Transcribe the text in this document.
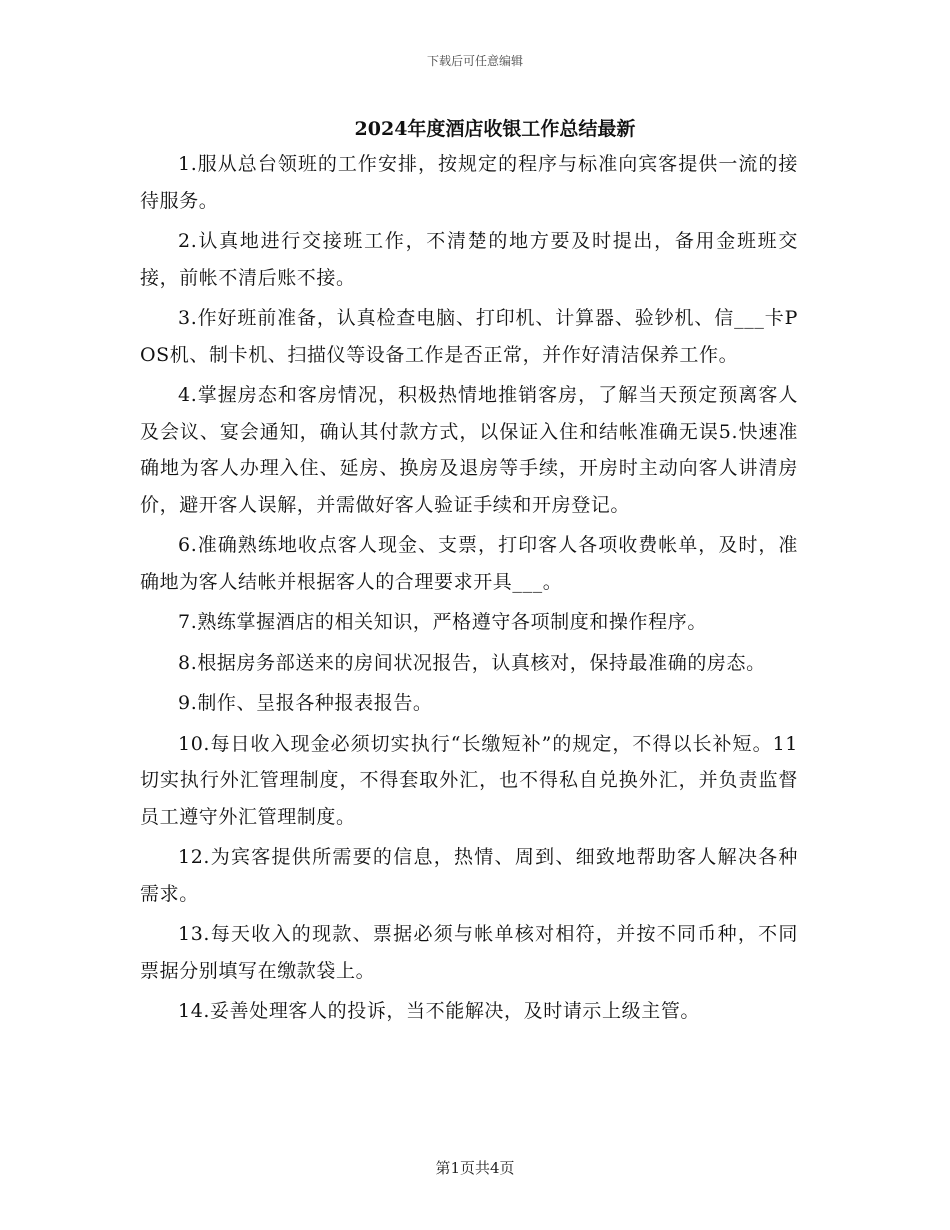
下载后可任意编辑
2024年度酒店收银工作总结最新

1.服从总台领班的工作安排，按规定的程序与标准向宾客提供一流的接待服务。

2.认真地进行交接班工作，不清楚的地方要及时提出，备用金班班交接，前帐不清后账不接。

3.作好班前准备，认真检查电脑、打印机、计算器、验钞机、信___卡POS机、制卡机、扫描仪等设备工作是否正常，并作好清洁保养工作。

4.掌握房态和客房情况，积极热情地推销客房，了解当天预定预离客人及会议、宴会通知，确认其付款方式，以保证入住和结帐准确无误5.快速准确地为客人办理入住、延房、换房及退房等手续，开房时主动向客人讲清房价，避开客人误解，并需做好客人验证手续和开房登记。

6.准确熟练地收点客人现金、支票，打印客人各项收费帐单，及时，准确地为客人结帐并根据客人的合理要求开具___。

7.熟练掌握酒店的相关知识，严格遵守各项制度和操作程序。

8.根据房务部送来的房间状况报告，认真核对，保持最准确的房态。

9.制作、呈报各种报表报告。

10.每日收入现金必须切实执行“长缴短补”的规定，不得以长补短。11切实执行外汇管理制度，不得套取外汇，也不得私自兑换外汇，并负责监督员工遵守外汇管理制度。

12.为宾客提供所需要的信息，热情、周到、细致地帮助客人解决各种需求。

13.每天收入的现款、票据必须与帐单核对相符，并按不同币种，不同票据分别填写在缴款袋上。

14.妥善处理客人的投诉，当不能解决，及时请示上级主管。

第1页共4页
